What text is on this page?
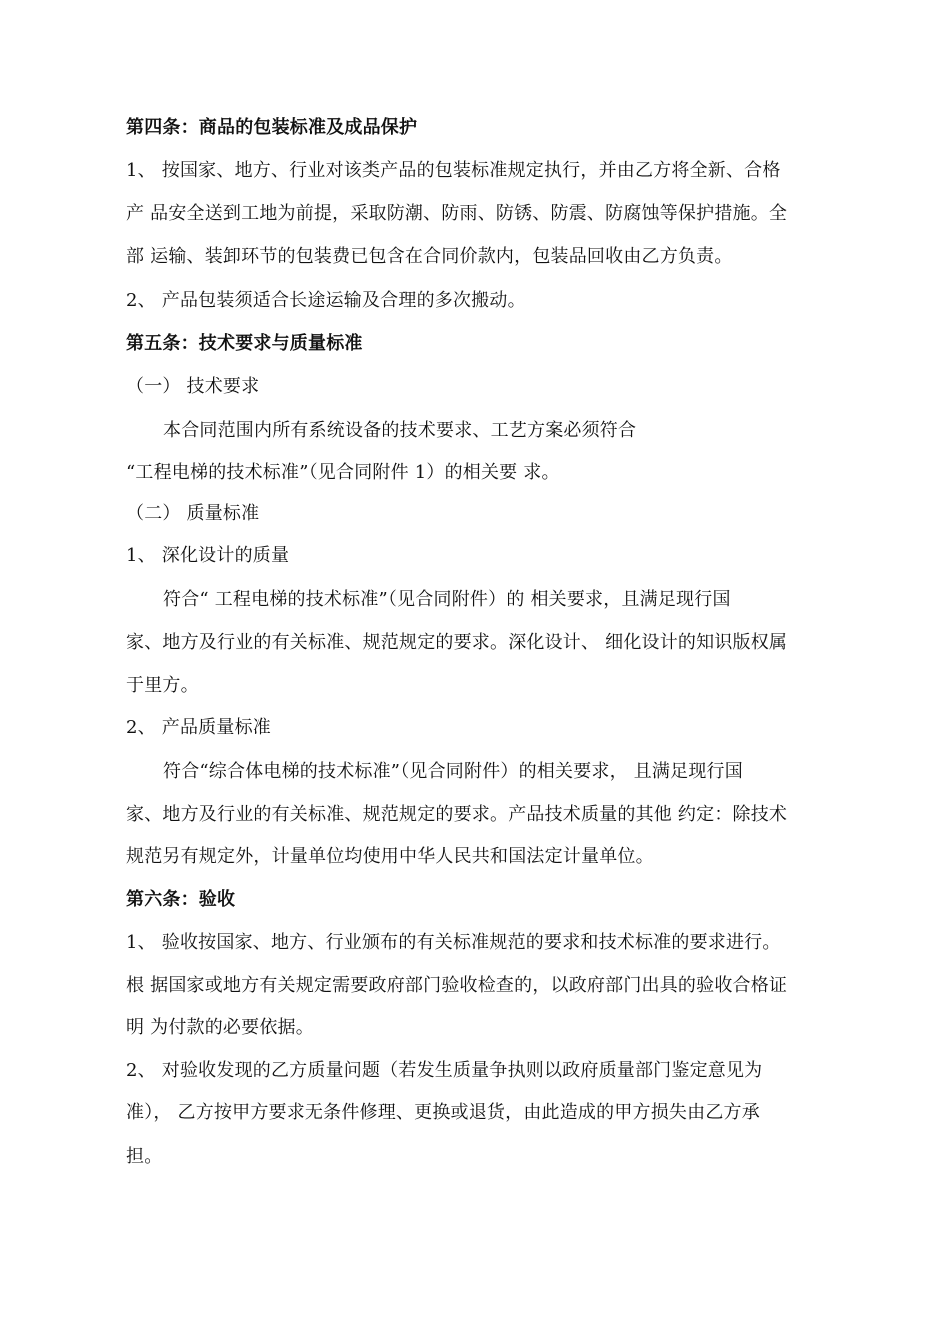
第四条：商品的包装标准及成品保护
1、 按国家、地方、行业对该类产品的包装标准规定执行，并由乙方将全新、合格
产 品安全送到工地为前提，采取防潮、防雨、防锈、防震、防腐蚀等保护措施。全
部 运输、装卸环节的包装费已包含在合同价款内，包装品回收由乙方负责。
2、 产品包装须适合长途运输及合理的多次搬动。
第五条：技术要求与质量标准
（一） 技术要求
本合同范围内所有系统设备的技术要求、工艺方案必须符合
“工程电梯的技术标准”（见合同附件 1）的相关要 求。
（二） 质量标准
1、 深化设计的质量
符合“ 工程电梯的技术标准”（见合同附件）的 相关要求，且满足现行国
家、地方及行业的有关标准、规范规定的要求。深化设计、 细化设计的知识版权属
于里方。
2、 产品质量标准
符合“综合体电梯的技术标准”（见合同附件）的相关要求， 且满足现行国
家、地方及行业的有关标准、规范规定的要求。产品技术质量的其他 约定：除技术
规范另有规定外，计量单位均使用中华人民共和国法定计量单位。
第六条：验收
1、 验收按国家、地方、行业颁布的有关标准规范的要求和技术标准的要求进行。
根 据国家或地方有关规定需要政府部门验收检查的，以政府部门出具的验收合格证
明 为付款的必要依据。
2、 对验收发现的乙方质量问题（若发生质量争执则以政府质量部门鉴定意见为
准）， 乙方按甲方要求无条件修理、更换或退货，由此造成的甲方损失由乙方承
担。
